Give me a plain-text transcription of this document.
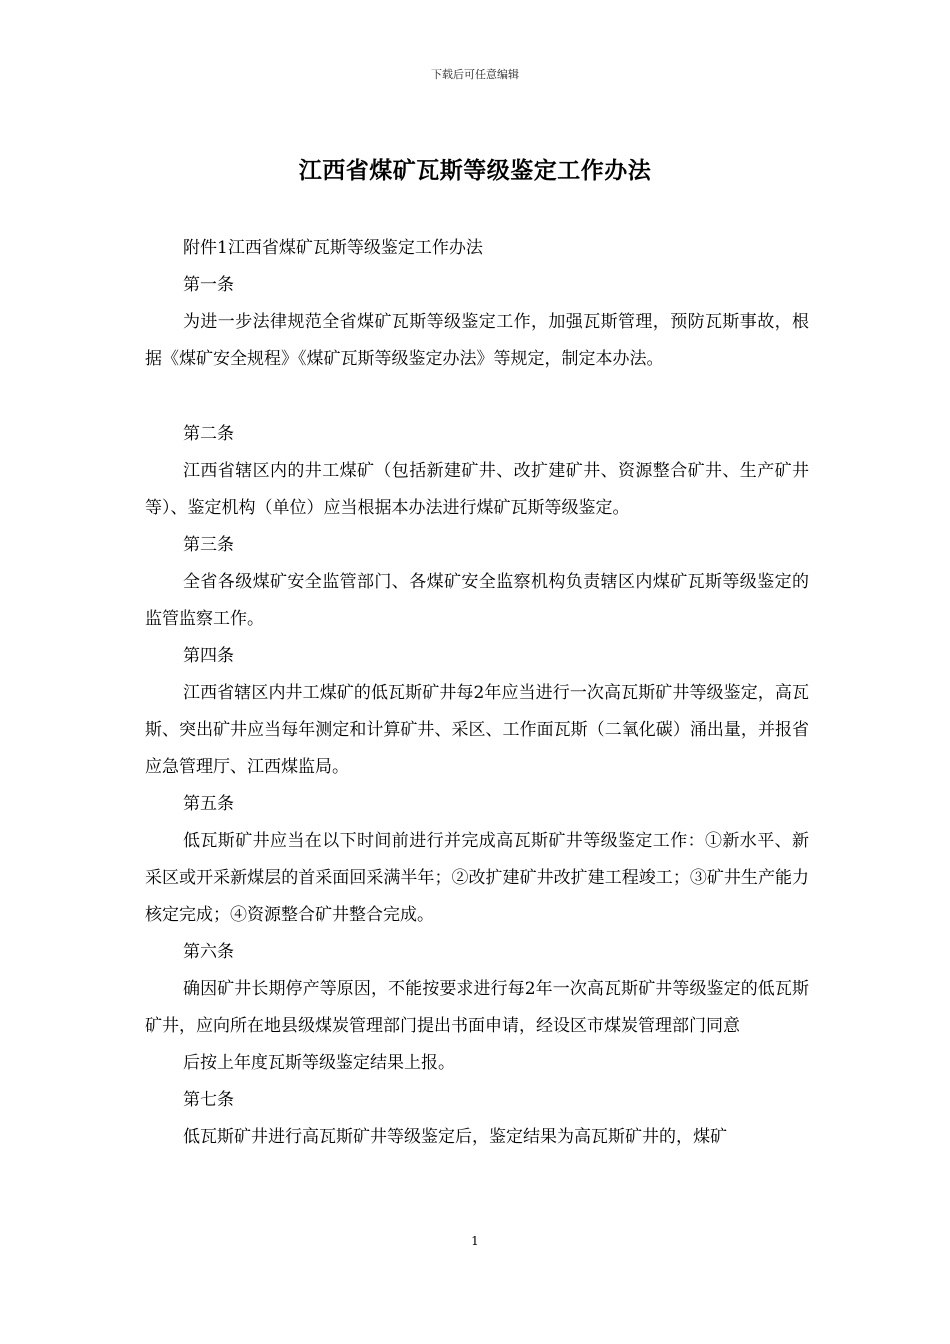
下载后可任意编辑
江西省煤矿瓦斯等级鉴定工作办法

附件1江西省煤矿瓦斯等级鉴定工作办法

第一条

为进一步法律规范全省煤矿瓦斯等级鉴定工作，加强瓦斯管理，预防瓦斯事故，根据《煤矿安全规程》《煤矿瓦斯等级鉴定办法》等规定，制定本办法。

第二条

江西省辖区内的井工煤矿（包括新建矿井、改扩建矿井、资源整合矿井、生产矿井等）、鉴定机构（单位）应当根据本办法进行煤矿瓦斯等级鉴定。

第三条

全省各级煤矿安全监管部门、各煤矿安全监察机构负责辖区内煤矿瓦斯等级鉴定的监管监察工作。

第四条

江西省辖区内井工煤矿的低瓦斯矿井每2年应当进行一次高瓦斯矿井等级鉴定，高瓦斯、突出矿井应当每年测定和计算矿井、采区、工作面瓦斯（二氧化碳）涌出量，并报省应急管理厅、江西煤监局。

第五条

低瓦斯矿井应当在以下时间前进行并完成高瓦斯矿井等级鉴定工作：①新水平、新采区或开采新煤层的首采面回采满半年；②改扩建矿井改扩建工程竣工；③矿井生产能力核定完成；④资源整合矿井整合完成。

第六条

确因矿井长期停产等原因，不能按要求进行每2年一次高瓦斯矿井等级鉴定的低瓦斯矿井，应向所在地县级煤炭管理部门提出书面申请，经设区市煤炭管理部门同意

后按上年度瓦斯等级鉴定结果上报。

第七条

低瓦斯矿井进行高瓦斯矿井等级鉴定后，鉴定结果为高瓦斯矿井的，煤矿

1
